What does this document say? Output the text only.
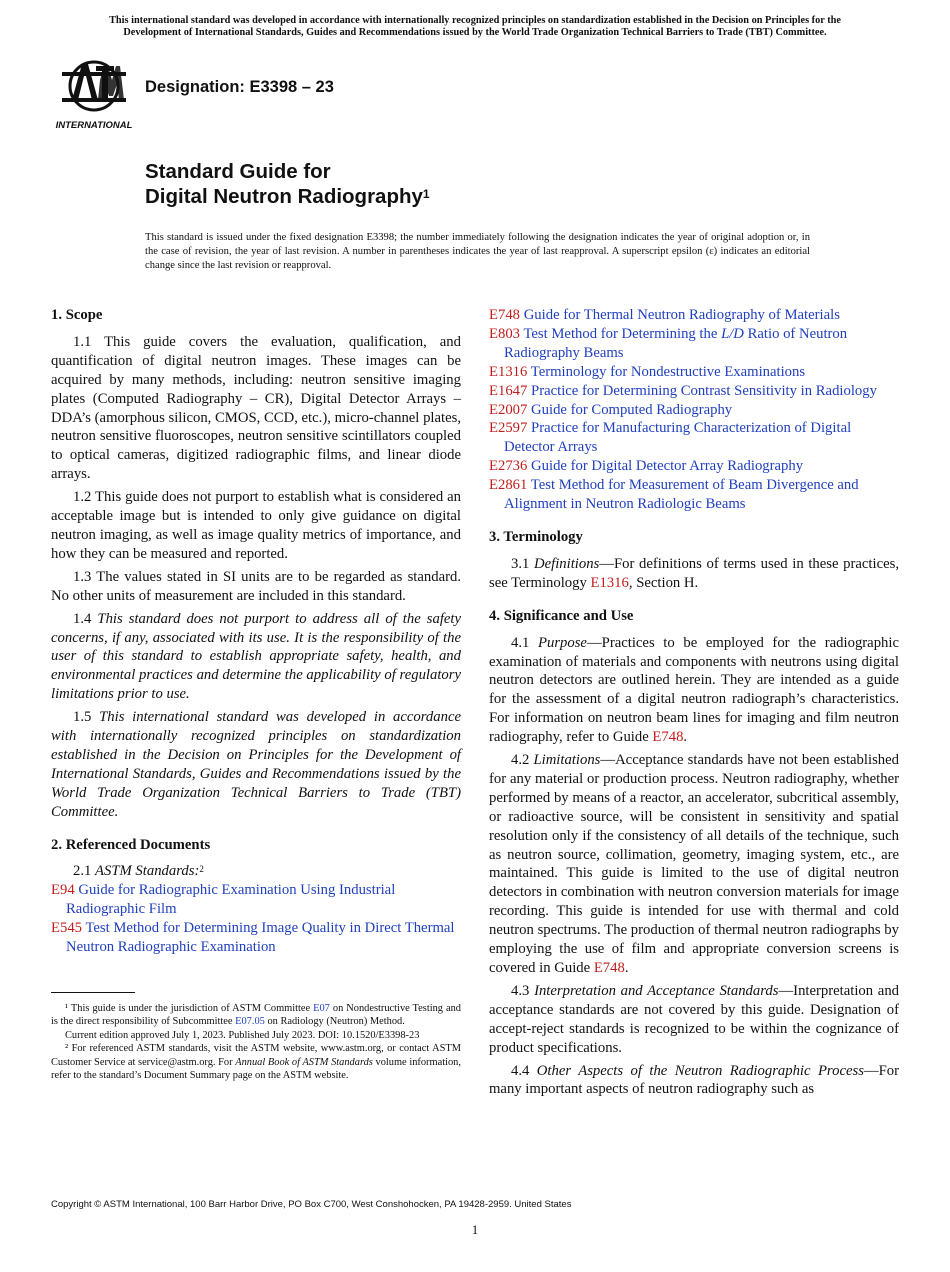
This international standard was developed in accordance with internationally recognized principles on standardization established in the Decision on Principles for the
Development of International Standards, Guides and Recommendations issued by the World Trade Organization Technical Barriers to Trade (TBT) Committee.
INTERNATIONAL
Designation: E3398 – 23
Standard Guide for
Digital Neutron Radiography$^1$
This standard is issued under the fixed designation E3398; the number immediately following the designation indicates the year of original adoption or, in the case of revision, the year of last revision. A number in parentheses indicates the year of last reapproval. A superscript epsilon (ε) indicates an editorial change since the last revision or reapproval.
1. Scope

1.1 This guide covers the evaluation, qualification, and quantification of digital neutron images. These images can be acquired by many methods, including: neutron sensitive imaging plates (Computed Radiography – CR), Digital Detector Arrays – DDA’s (amorphous silicon, CMOS, CCD, etc.), micro-channel plates, neutron sensitive fluoroscopes, neutron sensitive scintillators coupled to optical cameras, digitized radiographic films, and linear diode arrays.

1.2 This guide does not purport to establish what is considered an acceptable image but is intended to only give guidance on digital neutron imaging, as well as image quality metrics of importance, and how they can be measured and reported.

1.3 The values stated in SI units are to be regarded as standard. No other units of measurement are included in this standard.

1.4 This standard does not purport to address all of the safety concerns, if any, associated with its use. It is the responsibility of the user of this standard to establish appropriate safety, health, and environmental practices and determine the applicability of regulatory limitations prior to use.

1.5 This international standard was developed in accordance with internationally recognized principles on standardization established in the Decision on Principles for the Development of International Standards, Guides and Recommendations issued by the World Trade Organization Technical Barriers to Trade (TBT) Committee.

2. Referenced Documents

2.1 ASTM Standards:$^2$

E94 Guide for Radiographic Examination Using Industrial Radiographic Film

E545 Test Method for Determining Image Quality in Direct Thermal Neutron Radiographic Examination

E748 Guide for Thermal Neutron Radiography of Materials

E803 Test Method for Determining the L/D Ratio of Neutron Radiography Beams

E1316 Terminology for Nondestructive Examinations

E1647 Practice for Determining Contrast Sensitivity in Radiology

E2007 Guide for Computed Radiography

E2597 Practice for Manufacturing Characterization of Digital Detector Arrays

E2736 Guide for Digital Detector Array Radiography

E2861 Test Method for Measurement of Beam Divergence and Alignment in Neutron Radiologic Beams

3. Terminology

3.1 Definitions—For definitions of terms used in these practices, see Terminology E1316, Section H.

4. Significance and Use

4.1 Purpose—Practices to be employed for the radiographic examination of materials and components with neutrons using digital neutron detectors are outlined herein. They are intended as a guide for the assessment of a digital neutron radiograph’s characteristics. For information on neutron beam lines for imaging and film neutron radiography, refer to Guide E748.

4.2 Limitations—Acceptance standards have not been established for any material or production process. Neutron radiography, whether performed by means of a reactor, an accelerator, subcritical assembly, or radioactive source, will be consistent in sensitivity and spatial resolution only if the consistency of all details of the technique, such as neutron source, collimation, geometry, imaging system, etc., are maintained. This guide is limited to the use of digital neutron detectors in combination with neutron conversion materials for image recording. This guide is intended for use with thermal and cold neutron spectrums. The production of thermal neutron radiographs by employing the use of film and appropriate conversion screens is covered in Guide E748.

4.3 Interpretation and Acceptance Standards—Interpretation and acceptance standards are not covered by this guide. Designation of accept-reject standards is recognized to be within the cognizance of product specifications.

4.4 Other Aspects of the Neutron Radiographic Process—For many important aspects of neutron radiography such as

¹ This guide is under the jurisdiction of ASTM Committee E07 on Nondestructive Testing and is the direct responsibility of Subcommittee E07.05 on Radiology (Neutron) Method.

Current edition approved July 1, 2023. Published July 2023. DOI: 10.1520/E3398-23

² For referenced ASTM standards, visit the ASTM website, www.astm.org, or contact ASTM Customer Service at service@astm.org. For Annual Book of ASTM Standards volume information, refer to the standard’s Document Summary page on the ASTM website.

Copyright © ASTM International, 100 Barr Harbor Drive, PO Box C700, West Conshohocken, PA 19428-2959. United States
1
